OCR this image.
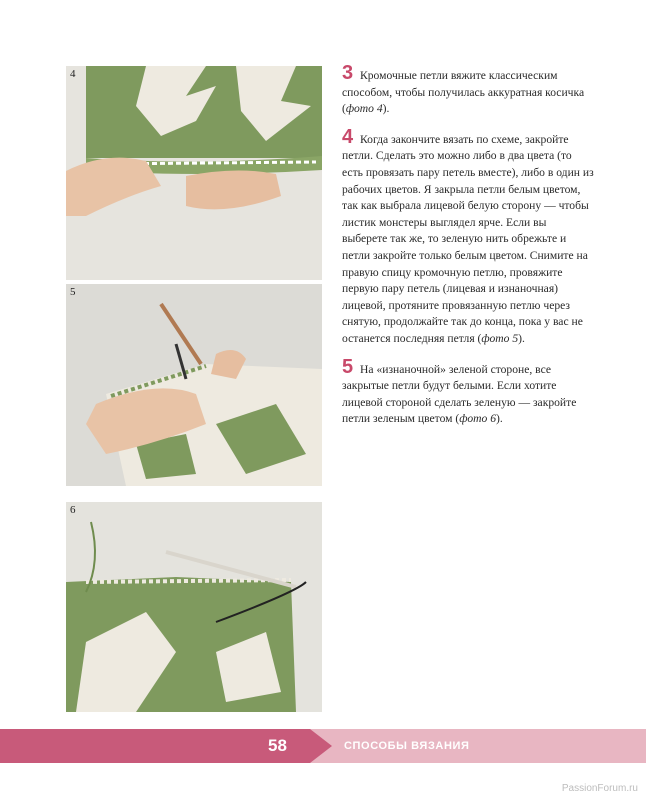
4
5
6

3 Кромочные петли вяжите классическим способом, чтобы получилась аккуратная косичка (фото 4).

4 Когда закончите вязать по схеме, закройте петли. Сделать это можно либо в два цвета (то есть провязать пару петель вместе), либо в один из рабочих цветов. Я закрыла петли белым цветом, так как выбрала лицевой белую сторону — чтобы листик монстеры выглядел ярче. Если вы выберете так же, то зеленую нить обрежьте и петли закройте только белым цветом. Снимите на правую спицу кромочную петлю, провяжите первую пару петель (лицевая и изнаночная) лицевой, протяните провязанную петлю через снятую, продолжайте так до конца, пока у вас не останется последняя петля (фото 5).

5 На «изнаночной» зеленой стороне, все закрытые петли будут белыми. Если хотите лицевой стороной сделать зеленую — закройте петли зеленым цветом (фото 6).

58	СПОСОБЫ ВЯЗАНИЯ
PassionForum.ru
